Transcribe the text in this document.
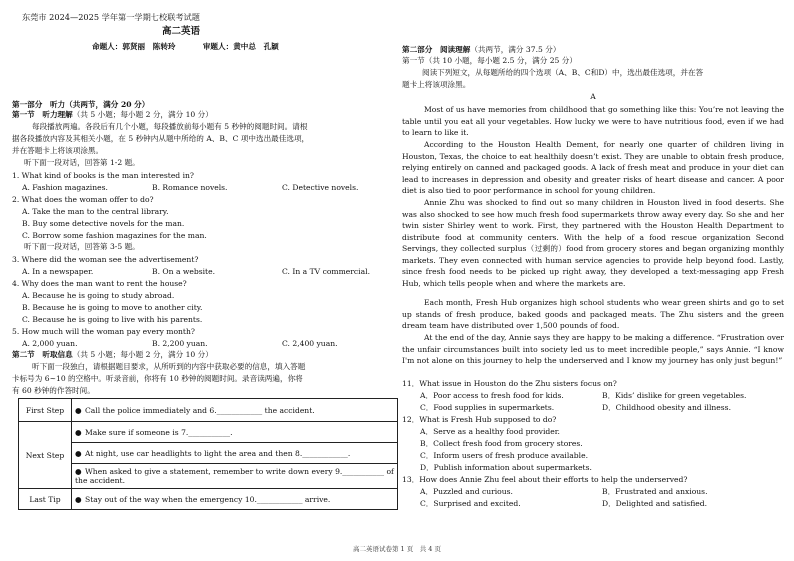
东莞市 2024—2025 学年第一学期七校联考试题
高二英语
命题人：郭贤丽　陈转玲	审题人：黄中总　孔颖
第一部分　听力（共两节，满分 20 分）
第一节　听力理解（共 5 小题；每小题 2 分，满分 10 分）
每段播放两遍。各段后有几个小题，每段播放前每小题有 5 秒钟的阅题时间。请根
据各段播放内容及其相关小题，在 5 秒钟内从题中所给的 A、B、C 项中选出最佳选项，
并在答题卡上将该项涂黑。
听下面一段对话，回答第 1-2 题。
1. What kind of books is the man interested in?
A. Fashion magazines.	B. Romance novels.	C. Detective novels.
2. What does the woman offer to do?
A. Take the man to the central library.
B. Buy some detective novels for the man.
C. Borrow some fashion magazines for the man.
听下面一段对话，回答第 3-5 题。
3. Where did the woman see the advertisement?
A. In a newspaper.	B. On a website.	C. In a TV commercial.
4. Why does the man want to rent the house?
A. Because he is going to study abroad.
B. Because he is going to move to another city.
C. Because he is going to live with his parents.
5. How much will the woman pay every month?
A. 2,000 yuan.	B. 2,200 yuan.	C. 2,400 yuan.
第二节　听取信息（共 5 小题；每小题 2 分，满分 10 分）
听下面一段独白，请根据题目要求，从所听到的内容中获取必要的信息，填入答题
卡标号为 6~10 的空格中。听录音前，你将有 10 秒钟的阅题时间。录音读两遍，你将
有 60 秒钟的作答时间。
First Step	● Call the police immediately and 6.____________ the accident.
Next Step	● Make sure if someone is 7.___________.
	● At night, use car headlights to light the area and then 8.____________.
	● When asked to give a statement, remember to write down every 9.___________ of the accident.
Last Tip	● Stay out of the way when the emergency 10.____________ arrive.
第二部分　阅读理解（共两节，满分 37.5 分）
第一节（共 10 小题，每小题 2.5 分，满分 25 分）
阅读下列短文，从每题所给的四个选项（A、B、C和D）中，选出最佳选项，并在答
题卡上将该项涂黑。
A
Most of us have memories from childhood that go something like this: You’re not leaving the table until you eat all your vegetables. How lucky we were to have nutritious food, even if we had to learn to like it.
According to the Houston Health Dement, for nearly one quarter of children living in Houston, Texas, the choice to eat healthily doesn’t exist. They are unable to obtain fresh produce, relying entirely on canned and packaged goods. A lack of fresh meat and produce in your diet can lead to increases in depression and obesity and greater risks of heart disease and cancer. A poor diet is also tied to poor performance in school for young children.
Annie Zhu was shocked to find out so many children in Houston lived in food deserts. She was also shocked to see how much fresh food supermarkets throw away every day. So she and her twin sister Shirley went to work. First, they partnered with the Houston Health Department to distribute food at community centers. With the help of a food rescue organization Second Servings, they collected surplus（过剩的）food from grocery stores and began organizing monthly markets. They even connected with human service agencies to provide help beyond food. Lastly, since fresh food needs to be picked up right away, they developed a text-messaging app Fresh Hub, which tells people when and where the markets are.
Each month, Fresh Hub organizes high school students who wear green shirts and go to set up stands of fresh produce, baked goods and packaged meats. The Zhu sisters and the green dream team have distributed over 1,500 pounds of food.
At the end of the day, Annie says they are happy to be making a difference. “Frustration over the unfair circumstances built into society led us to meet incredible people,” says Annie. “I know I'm not alone on this journey to help the underserved and I know my journey has only just begun!”
11．What issue in Houston do the Zhu sisters focus on?
A．Poor access to fresh food for kids.	B．Kids’ dislike for green vegetables.
C．Food supplies in supermarkets.	D．Childhood obesity and illness.
12．What is Fresh Hub supposed to do?
A．Serve as a healthy food provider.
B．Collect fresh food from grocery stores.
C．Inform users of fresh produce available.
D．Publish information about supermarkets.
13．How does Annie Zhu feel about their efforts to help the underserved?
A．Puzzled and curious.	B．Frustrated and anxious.
C．Surprised and excited.	D．Delighted and satisfied.
高二英语试卷第 1 页　共 4 页
